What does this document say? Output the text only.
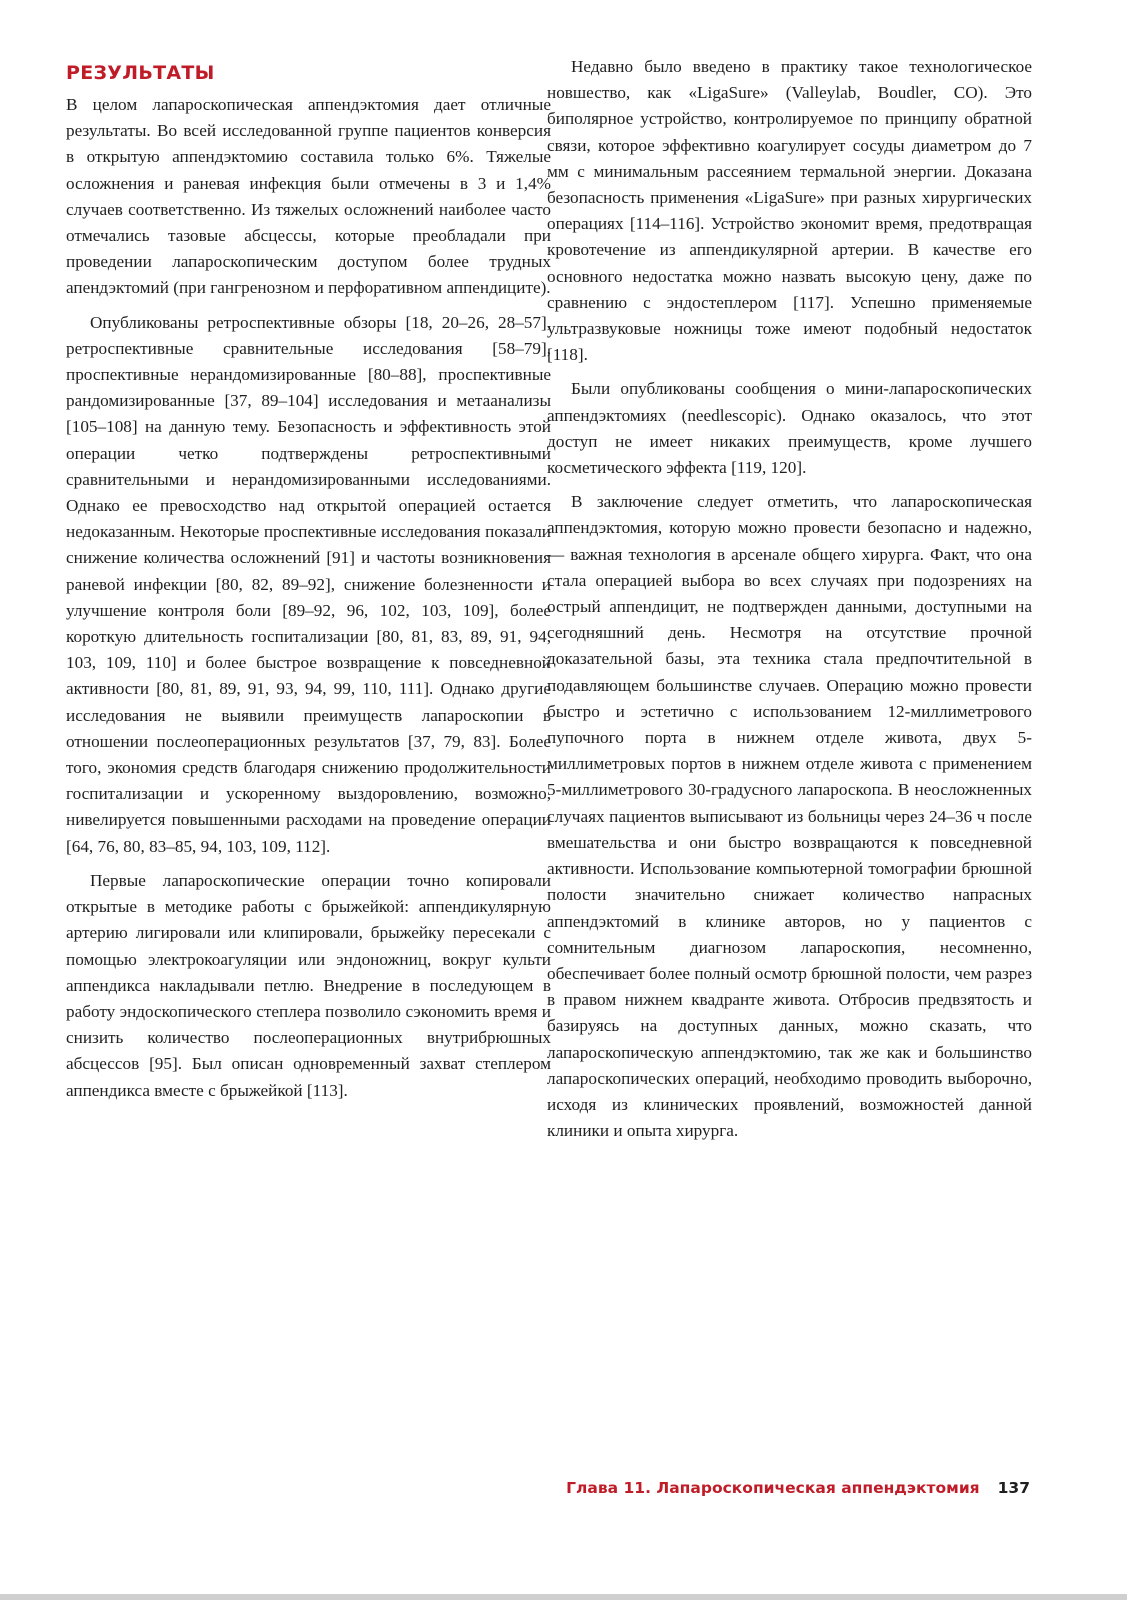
РЕЗУЛЬТАТЫ

В целом лапароскопическая аппендэктомия дает отличные результаты. Во всей исследованной группе пациентов конверсия в открытую аппендэктомию составила только 6%. Тяжелые осложнения и раневая инфекция были отмечены в 3 и 1,4% случаев соответственно. Из тяжелых осложнений наиболее часто отмечались тазовые абсцессы, которые преобладали при проведении лапароскопическим доступом более трудных апендэктомий (при гангренозном и перфоративном аппендиците).

Опубликованы ретроспективные обзоры [18, 20–26, 28–57], ретроспективные сравнительные исследования [58–79], проспективные нерандомизированные [80–88], проспективные рандомизированные [37, 89–104] исследования и метаанализы [105–108] на данную тему. Безопасность и эффективность этой операции четко подтверждены ретроспективными сравнительными и нерандомизированными исследованиями. Однако ее превосходство над открытой операцией остается недоказанным. Некоторые проспективные исследования показали снижение количества осложнений [91] и частоты возникновения раневой инфекции [80, 82, 89–92], снижение болезненности и улучшение контроля боли [89–92, 96, 102, 103, 109], более короткую длительность госпитализации [80, 81, 83, 89, 91, 94, 103, 109, 110] и более быстрое возвращение к повседневной активности [80, 81, 89, 91, 93, 94, 99, 110, 111]. Однако другие исследования не выявили преимуществ лапароскопии в отношении послеоперационных результатов [37, 79, 83]. Более того, экономия средств благодаря снижению продолжительности госпитализации и ускоренному выздоровлению, возможно, нивелируется повышенными расходами на проведение операции [64, 76, 80, 83–85, 94, 103, 109, 112].

Первые лапароскопические операции точно копировали открытые в методике работы с брыжейкой: аппендикулярную артерию лигировали или клипировали, брыжейку пересекали с помощью электрокоагуляции или эндоножниц, вокруг культи аппендикса накладывали петлю. Внедрение в последующем в работу эндоскопического степлера позволило сэкономить время и снизить количество послеоперационных внутрибрюшных абсцессов [95]. Был описан одновременный захват степлером аппендикса вместе с брыжейкой [113].

Недавно было введено в практику такое технологическое новшество, как «LigaSure» (Valleylab, Boudler, CO). Это биполярное устройство, контролируемое по принципу обратной связи, которое эффективно коагулирует сосуды диаметром до 7 мм с минимальным рассеянием термальной энергии. Доказана безопасность применения «LigaSure» при разных хирургических операциях [114–116]. Устройство экономит время, предотвращая кровотечение из аппендикулярной артерии. В качестве его основного недостатка можно назвать высокую цену, даже по сравнению с эндостеплером [117]. Успешно применяемые ультразвуковые ножницы тоже имеют подобный недостаток [118].

Были опубликованы сообщения о мини-лапароскопических аппендэктомиях (needlescopic). Однако оказалось, что этот доступ не имеет никаких преимуществ, кроме лучшего косметического эффекта [119, 120].

В заключение следует отметить, что лапароскопическая аппендэктомия, которую можно провести безопасно и надежно, — важная технология в арсенале общего хирурга. Факт, что она стала операцией выбора во всех случаях при подозрениях на острый аппендицит, не подтвержден данными, доступными на сегодняшний день. Несмотря на отсутствие прочной доказательной базы, эта техника стала предпочтительной в подавляющем большинстве случаев. Операцию можно провести быстро и эстетично с использованием 12-миллиметрового пупочного порта в нижнем отделе живота, двух 5-миллиметровых портов в нижнем отделе живота с применением 5-миллиметрового 30-градусного лапароскопа. В неосложненных случаях пациентов выписывают из больницы через 24–36 ч после вмешательства и они быстро возвращаются к повседневной активности. Использование компьютерной томографии брюшной полости значительно снижает количество напрасных аппендэктомий в клинике авторов, но у пациентов с сомнительным диагнозом лапароскопия, несомненно, обеспечивает более полный осмотр брюшной полости, чем разрез в правом нижнем квадранте живота. Отбросив предвзятость и базируясь на доступных данных, можно сказать, что лапароскопическую аппендэктомию, так же как и большинство лапароскопических операций, необходимо проводить выборочно, исходя из клинических проявлений, возможностей данной клиники и опыта хирурга.

Глава 11. Лапароскопическая аппендэктомия 137
